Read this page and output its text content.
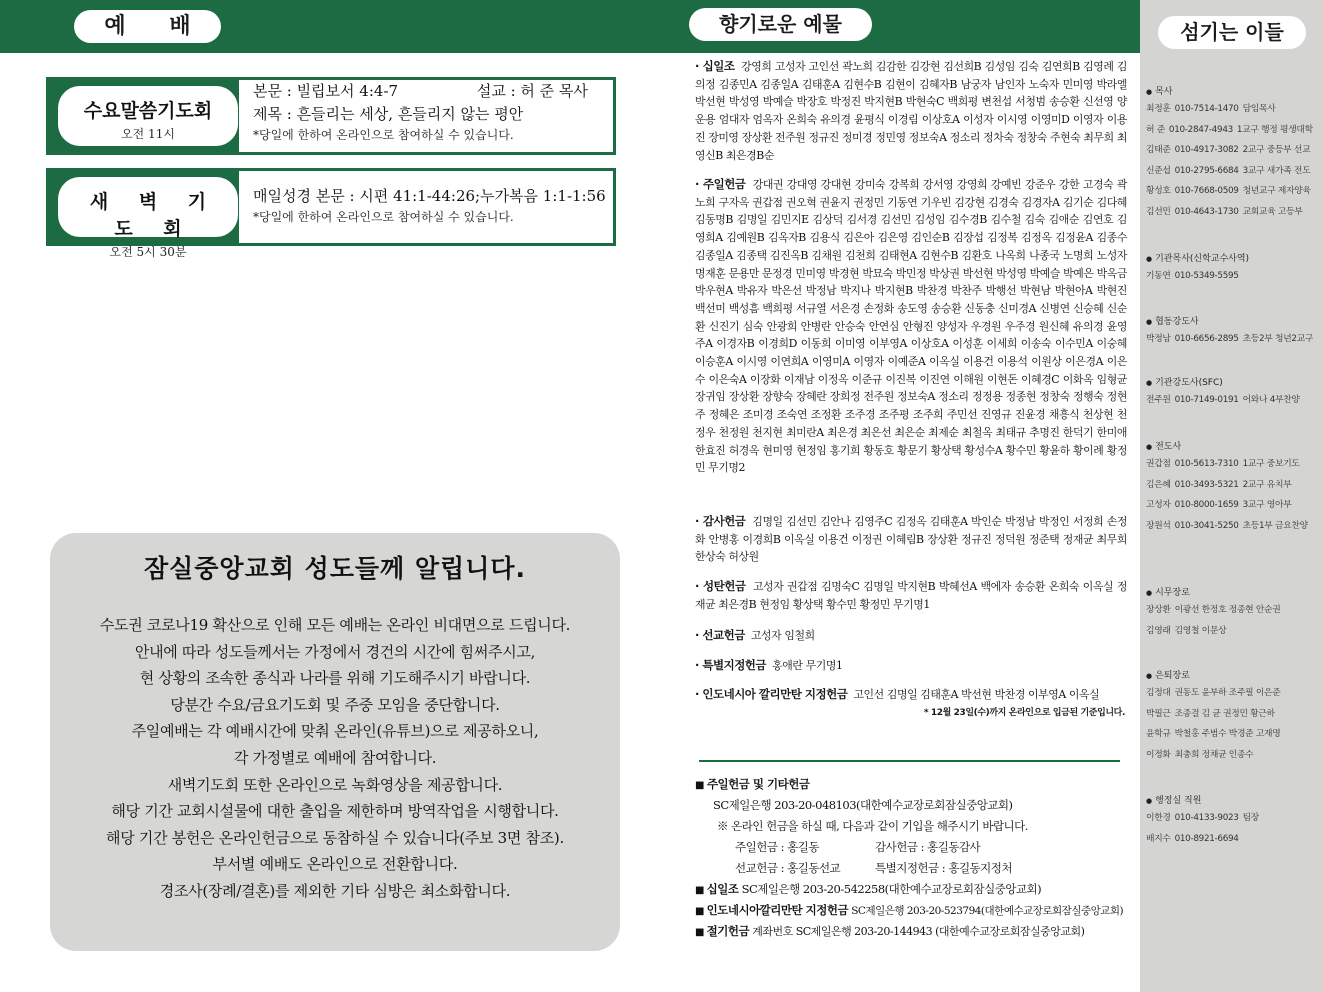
예 배	향기로운 예물
수요말씀기도회
오전 11시
본문 : 빌립보서 4:4-7	설교 : 허 준 목사
제목 : 흔들리는 세상, 흔들리지 않는 평안
*당일에 한하여 온라인으로 참여하실 수 있습니다.
새 벽 기 도 회
오전 5시 30분
매일성경 본문 : 시편 41:1-44:26;누가복음 1:1-1:56
*당일에 한하여 온라인으로 참여하실 수 있습니다.
잠실중앙교회 성도들께 알립니다.
수도권 코로나19 확산으로 인해 모든 예배는 온라인 비대면으로 드립니다.
안내에 따라 성도들께서는 가정에서 경건의 시간에 힘써주시고,
현 상황의 조속한 종식과 나라를 위해 기도해주시기 바랍니다.
당분간 수요/금요기도회 및 주중 모임을 중단합니다.
주일예배는 각 예배시간에 맞춰 온라인(유튜브)으로 제공하오니,
각 가정별로 예배에 참여합니다.
새벽기도회 또한 온라인으로 녹화영상을 제공합니다.
해당 기간 교회시설물에 대한 출입을 제한하며 방역작업을 시행합니다.
해당 기간 봉헌은 온라인헌금으로 동참하실 수 있습니다(주보 3면 참조).
부서별 예배도 온라인으로 전환합니다.
경조사(장례/결혼)를 제외한 기타 심방은 최소화합니다.
· 십일조 강영희 고성자 고인선 곽노희 김감한 김강현 김선희B 김성임 김숙 김연희B 김영례 김의정 김종민A 김종일A 김태훈A 김현수B 김현이 김혜자B 남궁자 남인자 노숙자 민미영 박라엘 박선현 박성영 박예슬 박장호 박정진 박지현B 박현숙C 백희평 변천섭 서청범 송승환 신선영 양운용 엄대자 엄옥자 온희숙 유의경 윤평식 이경림 이상호A 이성자 이시영 이영미D 이영자 이용진 장미영 장상환 전주원 정규진 정미경 정민영 정보숙A 정소리 정차숙 정창숙 주현숙 최무희 최영신B 최은경B순
· 주일헌금 강대권 강대영 강대현 강미숙 강복희 강서영 강영희 강예빈 강준우 강한 고경숙 곽노희 구자옥 권갑점 권오혁 권윤지 권정민 기동연 기우빈 김강현 김경숙 김경자A 김기순 김다혜 김동명B 김명일 김민지E 김상덕 김서경 김선민 김성임 김수경B 김수철 김숙 김애순 김연호 김영희A 김예원B 김옥자B 김용식 김은아 김은영 김인순B 김장섭 김정복 김정옥 김정윤A 김종수 김종일A 김종택 김진옥B 김채원 김천희 김태현A 김현수B 김환호 나옥희 나종국 노명희 노성자 명재훈 문용만 문정경 민미영 박경현 박묘숙 박민정 박상권 박선현 박성영 박예슬 박예은 박옥금 박우현A 박유자 박은선 박정남 박지나 박지현B 박찬경 박찬주 박행선 박현남 박현아A 박현진 백선미 백성흠 백희평 서규열 서은경 손정화 송도영 송승환 신동충 신미경A 신병연 신승혜 신순환 신진기 심숙 안광희 안병란 안승숙 안연심 안형진 양성자 우경원 우주경 원신혜 유의경 윤영주A 이경자B 이경희D 이동희 이미영 이부영A 이상호A 이성훈 이세희 이송숙 이수민A 이숭혜 이승훈A 이시영 이연희A 이영미A 이영자 이예준A 이옥실 이용건 이용석 이원상 이은경A 이은수 이은숙A 이장화 이재남 이정옥 이준규 이진복 이진연 이해원 이현돈 이혜경C 이화옥 임형균 장귀임 장상환 장향숙 장혜란 장희정 전주원 정보숙A 정소리 정정용 정종현 정창숙 정행숙 정현주 정혜은 조미경 조숙연 조정환 조주경 조주평 조주희 주민선 진영규 진윤경 채흥식 천상현 천정우 천정원 천지현 최미란A 최은경 최은선 최은순 최제순 최철옥 최태규 추명진 한덕기 한미애 한효진 허경옥 현미영 현정임 홍기희 황동호 황문기 황상택 황성수A 황수민 황윤하 황이례 황정민 무기명2
· 감사헌금 김명일 김선민 김안나 김영주C 김정옥 김태훈A 박인순 박정남 박정인 서정희 손정화 안병홍 이경희B 이옥실 이용건 이정권 이혜림B 장상환 정규진 정덕원 정준택 정재균 최무희 한상숙 허상원
· 성탄헌금 고성자 권갑점 김명숙C 김명일 박지현B 박혜선A 백에자 송승환 온희숙 이옥실 정재균 최은경B 현정임 황상택 황수민 황정민 무기명1
· 선교헌금 고성자 임철희
· 특별지정헌금 홍애란 무기명1
· 인도네시아 깔리만탄 지정헌금 고인선 김명일 김태훈A 박선현 박찬경 이부영A 이옥실
* 12월 23일(수)까지 온라인으로 입금된 기준입니다.
■ 주일헌금 및 기타헌금
SC제일은행 203-20-048103(대한예수교장로회잠실중앙교회)
※ 온라인 헌금을 하실 때, 다음과 같이 기입을 해주시기 바랍니다.
주일헌금 : 홍길동	감사헌금 : 홍길동감사
선교헌금 : 홍길동선교	특별지정헌금 : 홍길동지정처
■ 십일조 SC제일은행 203-20-542258(대한예수교장로회잠실중앙교회)
■ 인도네시아깔리만탄 지정헌금 SC제일은행 203-20-523794(대한예수교장로회잠실중앙교회)
■ 절기헌금 계좌번호 SC제일은행 203-20-144943 (대한예수교장로회잠실중앙교회)
섬기는 이들
● 목사
최정훈 010-7514-1470 담임목사
허 준 010-2847-4943 1교구 행정 평생대학
김태준 010-4917-3082 2교구 중등부 선교
신준섭 010-2795-6684 3교구 새가족 전도
황성호 010-7668-0509 청년교구 제자양육
김선민 010-4643-1730 교회교육 고등부
● 기관목사(신학교수사역)
기동연 010-5349-5595
● 협동강도사
박정남 010-6656-2895 초등2부 청년2교구
● 기관강도사(SFC)
전주원 010-7149-0191 어와나 4부찬양
● 전도사
권갑점 010-5613-7310 1교구 중보기도
김은혜 010-3493-5321 2교구 유치부
고성자 010-8000-1659 3교구 영아부
장원석 010-3041-5250 초등1부 금요찬양
● 시무장로
장상환 이광선 한정호 정종현 안순권
김영래 김영철 이문상
● 은퇴장로
김정대 권동도 윤부하 조주필 이은준
박필근 조종걸 김 균 권정민 황근하
윤학규 박철홍 주범수 박경준 고재명
이정화 최충희 정채균 인종수
● 행정실 직원
이한경 010-4133-9023 팀장
배지수 010-8921-6694
